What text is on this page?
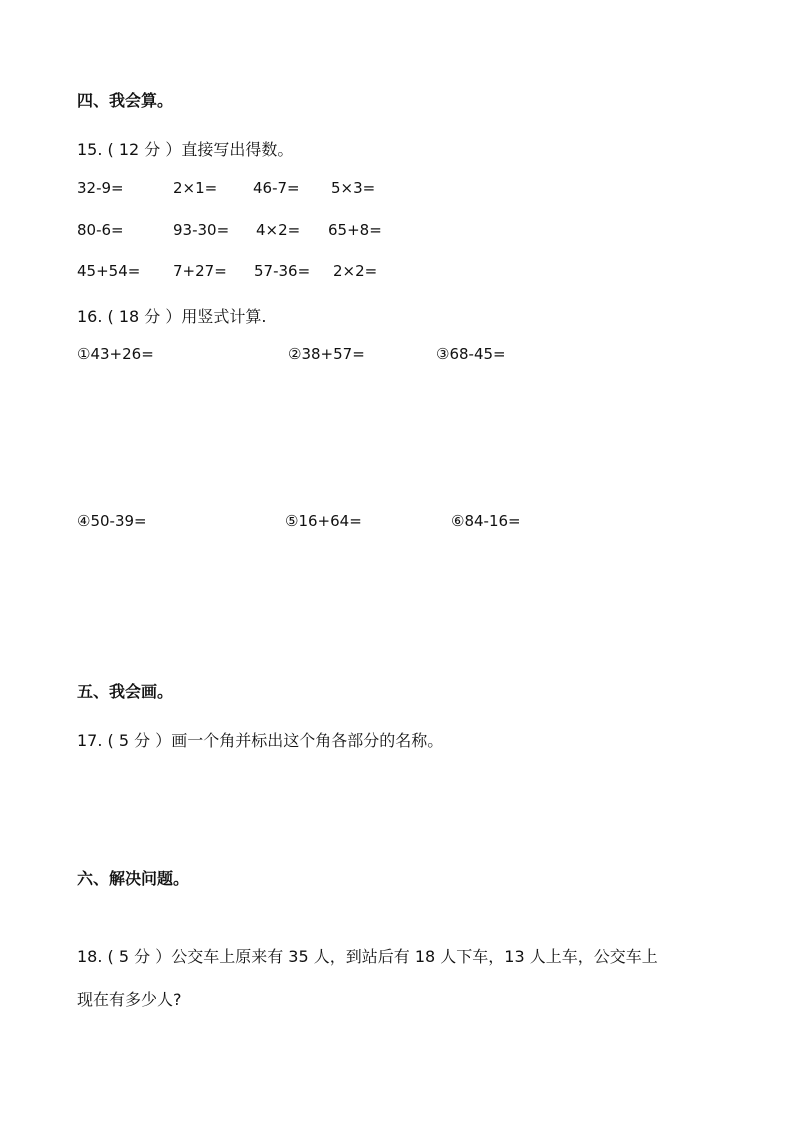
四、我会算。
15. ( 12 分 ）直接写出得数。
32-9=	2×1= 46-7= 5×3=
80-6=	93-30= 4×2= 65+8=
45+54= 7+27= 57-36= 2×2=
16. ( 18 分 ）用竖式计算.
①43+26=	②38+57=	③68-45=
④50-39=	⑤16+64=	⑥84-16=
五、我会画。
17. ( 5 分 ）画一个角并标出这个角各部分的名称。
六、解决问题。
18. ( 5 分 ）公交车上原来有 35 人，到站后有 18 人下车，13 人上车，公交车上
现在有多少人?
